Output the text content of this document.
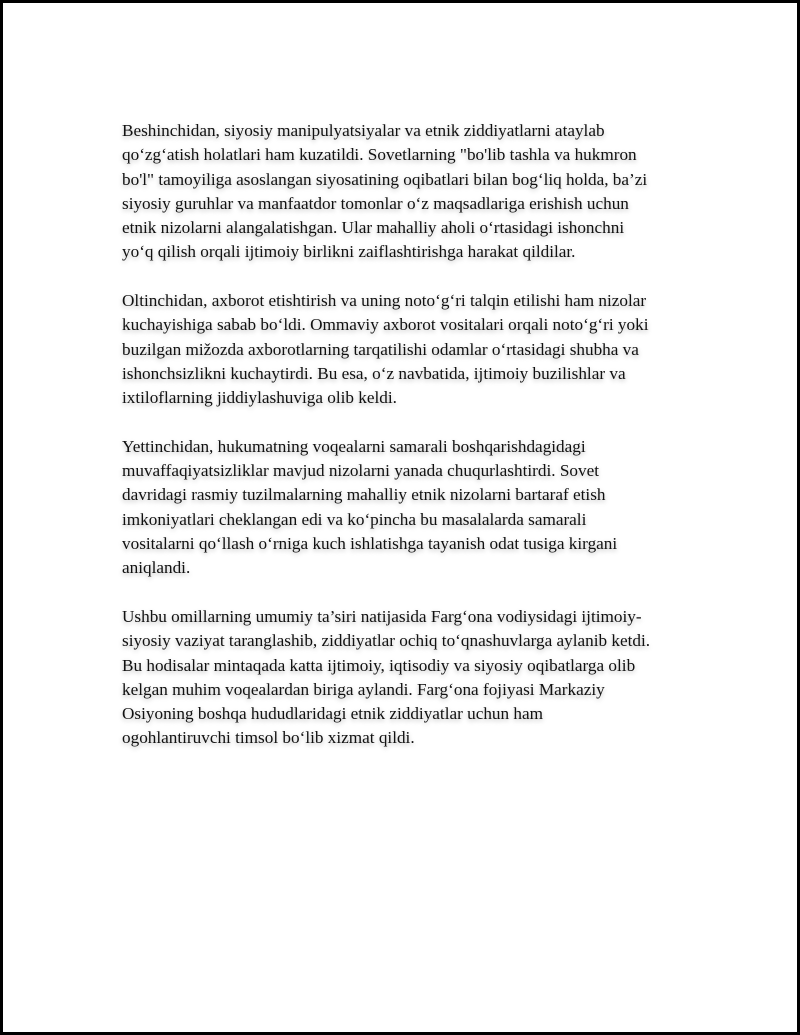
Beshinchidan, siyosiy manipulyatsiyalar va etnik ziddiyatlarni ataylab
qo‘zg‘atish holatlari ham kuzatildi. Sovetlarning "bo'lib tashla va hukmron
bo'l" tamoyiliga asoslangan siyosatining oqibatlari bilan bog‘liq holda, ba’zi
siyosiy guruhlar va manfaatdor tomonlar o‘z maqsadlariga erishish uchun
etnik nizolarni alangalatishgan. Ular mahalliy aholi o‘rtasidagi ishonchni
yo‘q qilish orqali ijtimoiy birlikni zaiflashtirishga harakat qildilar.

Oltinchidan, axborot etishtirish va uning noto‘g‘ri talqin etilishi ham nizolar
kuchayishiga sabab bo‘ldi. Ommaviy axborot vositalari orqali noto‘g‘ri yoki
buzilgan mižozda axborotlarning tarqatilishi odamlar o‘rtasidagi shubha va
ishonchsizlikni kuchaytirdi. Bu esa, o‘z navbatida, ijtimoiy buzilishlar va
ixtiloflarning jiddiylashuviga olib keldi.

Yettinchidan, hukumatning voqealarni samarali boshqarishdagidagi
muvaffaqiyatsizliklar mavjud nizolarni yanada chuqurlashtirdi. Sovet
davridagi rasmiy tuzilmalarning mahalliy etnik nizolarni bartaraf etish
imkoniyatlari cheklangan edi va ko‘pincha bu masalalarda samarali
vositalarni qo‘llash o‘rniga kuch ishlatishga tayanish odat tusiga kirgani
aniqlandi.

Ushbu omillarning umumiy ta’siri natijasida Farg‘ona vodiysidagi ijtimoiy-
siyosiy vaziyat taranglashib, ziddiyatlar ochiq to‘qnashuvlarga aylanib ketdi.
Bu hodisalar mintaqada katta ijtimoiy, iqtisodiy va siyosiy oqibatlarga olib
kelgan muhim voqealardan biriga aylandi. Farg‘ona fojiyasi Markaziy
Osiyoning boshqa hududlaridagi etnik ziddiyatlar uchun ham
ogohlantiruvchi timsol bo‘lib xizmat qildi.
